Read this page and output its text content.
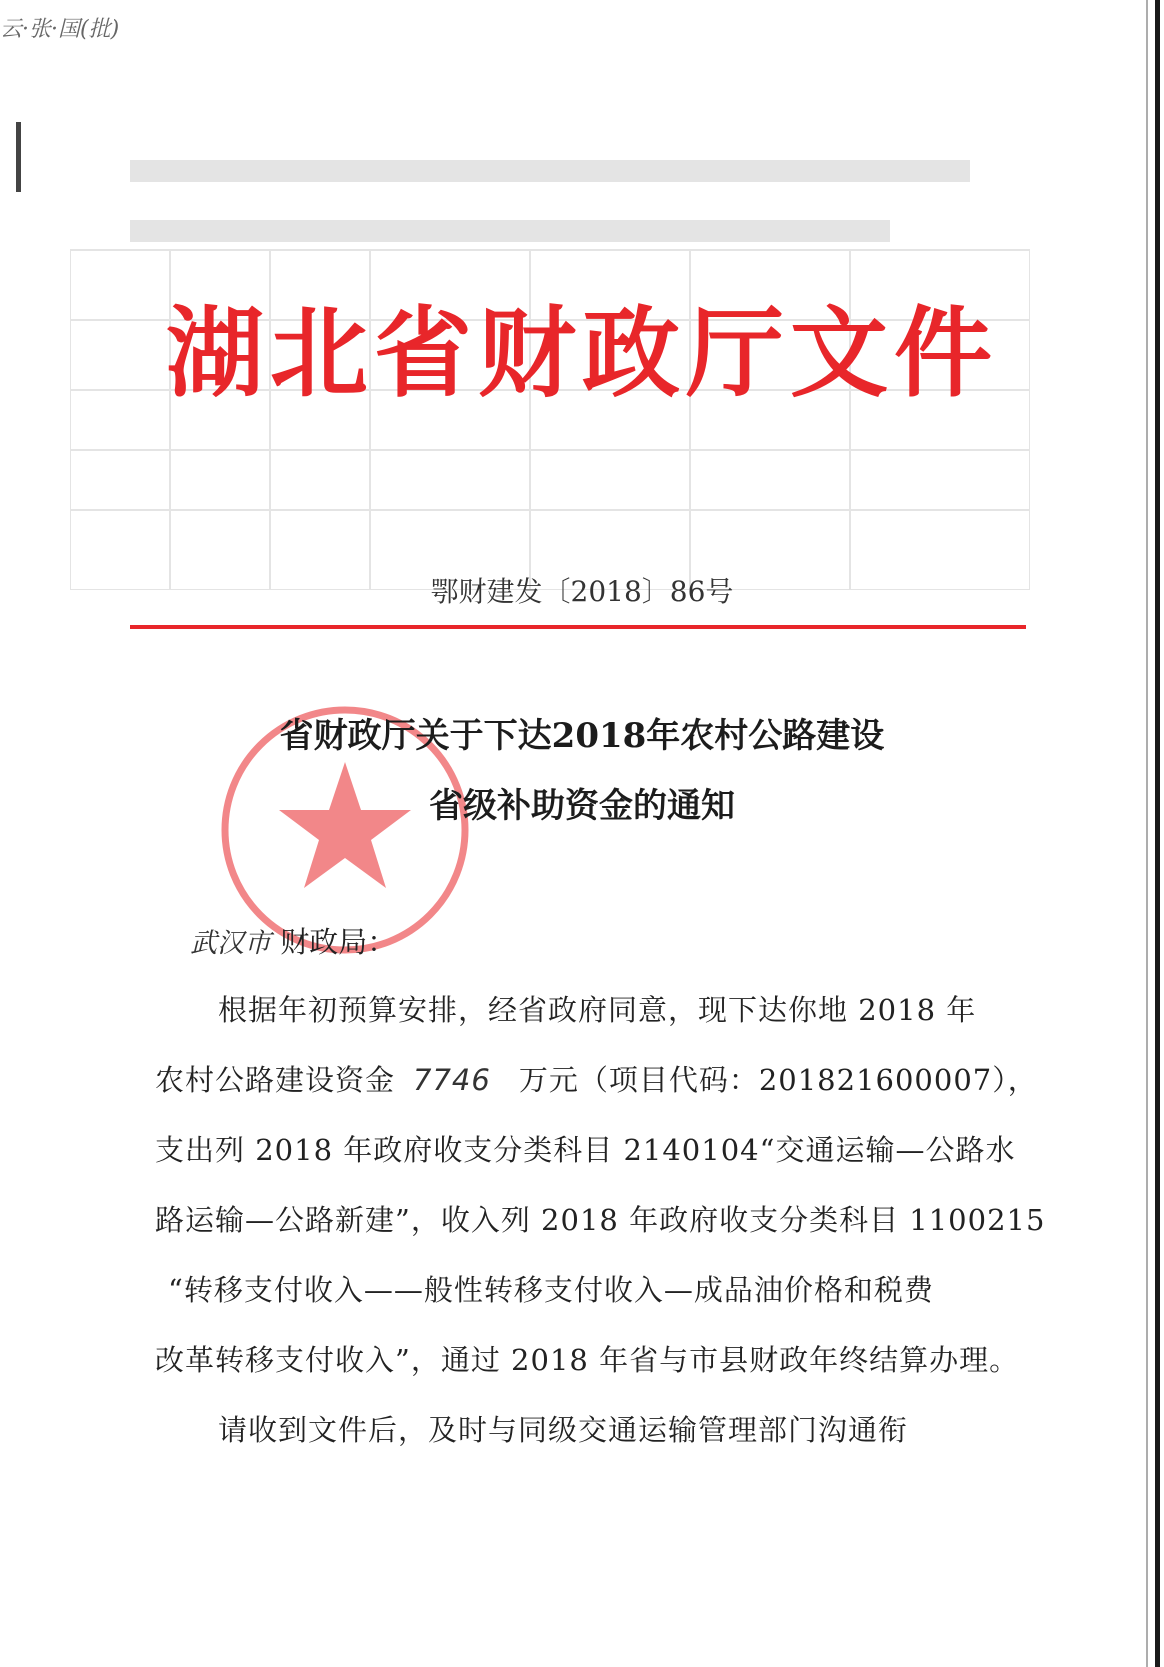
云·张·国(批)
湖北省财政厅文件
鄂财建发〔2018〕86号
省财政厅关于下达2018年农村公路建设
省级补助资金的通知
武汉市 财政局：
根据年初预算安排，经省政府同意，现下达你地 2018 年
农村公路建设资金 7746 万元（项目代码：201821600007），
支出列 2018 年政府收支分类科目 2140104“交通运输—公路水
路运输—公路新建”，收入列 2018 年政府收支分类科目 1100215
“转移支付收入——般性转移支付收入—成品油价格和税费
改革转移支付收入”，通过 2018 年省与市县财政年终结算办理。
请收到文件后，及时与同级交通运输管理部门沟通衔
